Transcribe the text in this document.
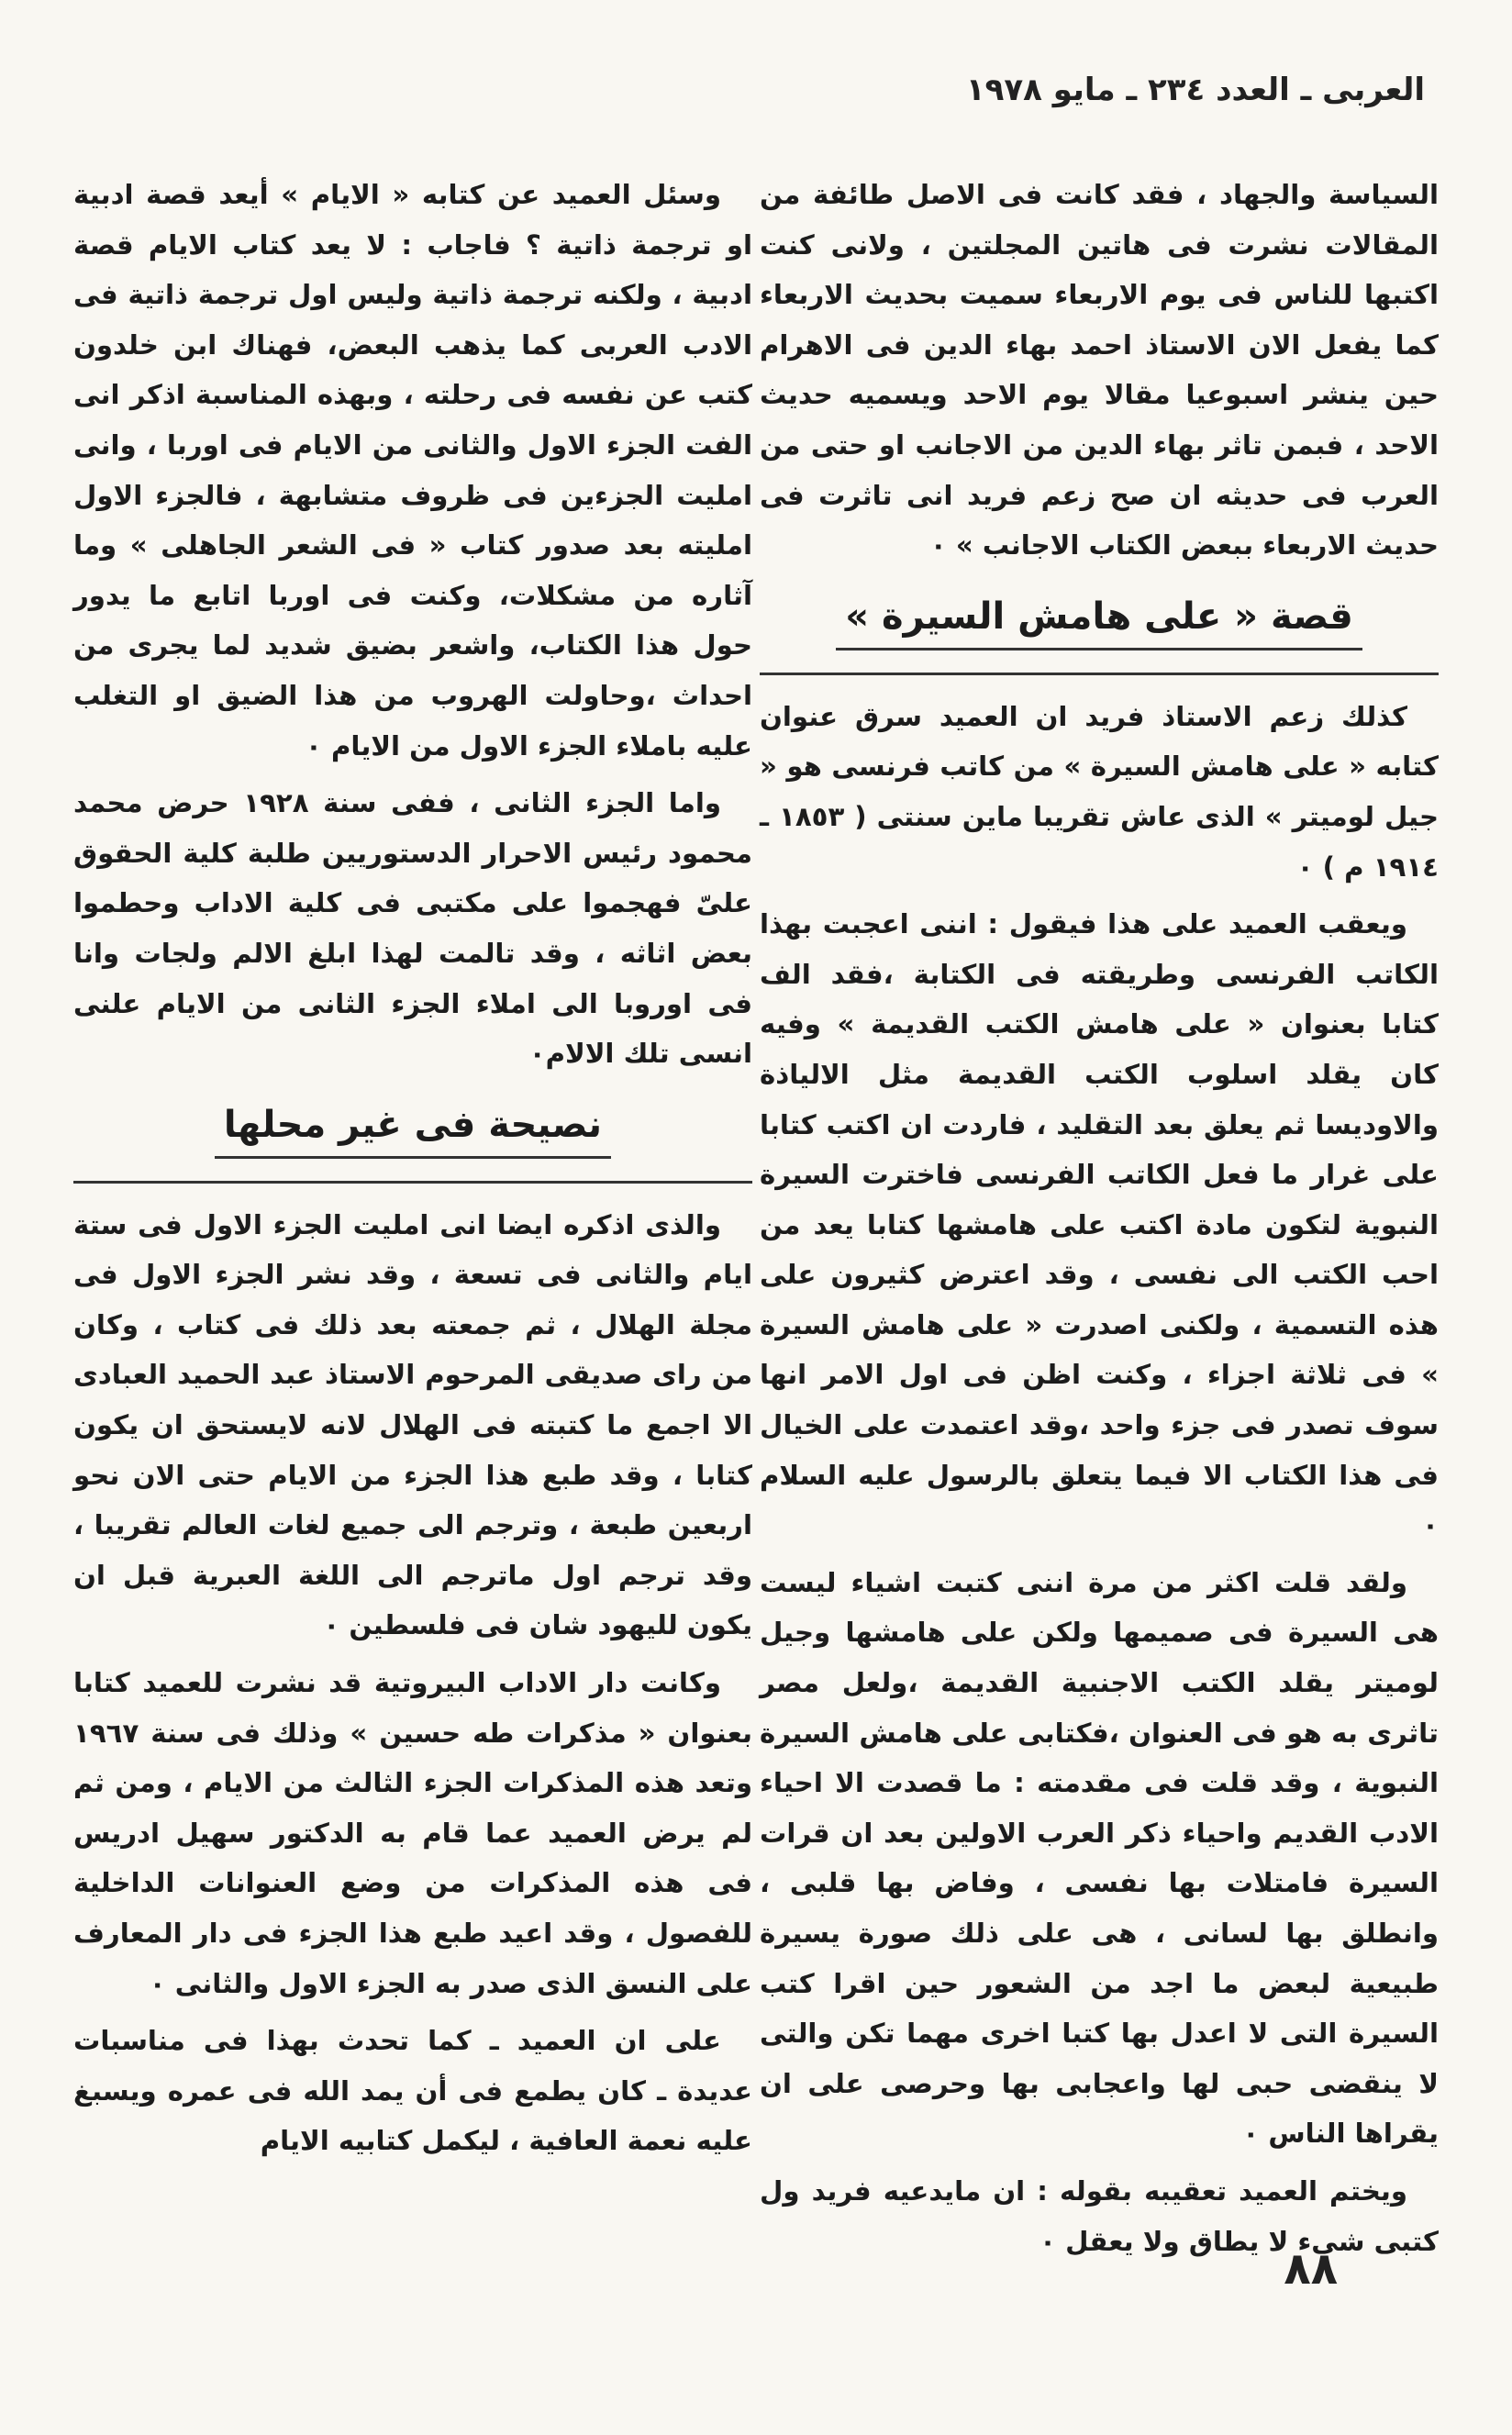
العربى ـ العدد ٢٣٤ ـ مايو ١٩٧٨

السياسة والجهاد ، فقد كانت فى الاصل طائفة من المقالات نشرت فى هاتين المجلتين ، ولانى كنت اكتبها للناس فى يوم الاربعاء سميت بحديث الاربعاء كما يفعل الان الاستاذ احمد بهاء الدين فى الاهرام حين ينشر اسبوعيا مقالا يوم الاحد ويسميه حديث الاحد ، فبمن تاثر بهاء الدين من الاجانب او حتى من العرب فى حديثه ان صح زعم فريد انى تاثرت فى حديث الاربعاء ببعض الكتاب الاجانب » ٠

قصة « على هامش السيرة »

كذلك زعم الاستاذ فريد ان العميد سرق عنوان كتابه « على هامش السيرة » من كاتب فرنسى هو « جيل لوميتر » الذى عاش تقريبا ماين سنتى ( ١٨٥٣ ـ ١٩١٤ م ) ٠

ويعقب العميد على هذا فيقول : اننى اعجبت بهذا الكاتب الفرنسى وطريقته فى الكتابة ،فقد الف كتابا بعنوان « على هامش الكتب القديمة » وفيه كان يقلد اسلوب الكتب القديمة مثل الالياذة والاوديسا ثم يعلق بعد التقليد ، فاردت ان اكتب كتابا على غرار ما فعل الكاتب الفرنسى فاخترت السيرة النبوية لتكون مادة اكتب على هامشها كتابا يعد من احب الكتب الى نفسى ، وقد اعترض كثيرون على هذه التسمية ، ولكنى اصدرت « على هامش السيرة » فى ثلاثة اجزاء ، وكنت اظن فى اول الامر انها سوف تصدر فى جزء واحد ،وقد اعتمدت على الخيال فى هذا الكتاب الا فيما يتعلق بالرسول عليه السلام ٠

ولقد قلت اكثر من مرة اننى كتبت اشياء ليست هى السيرة فى صميمها ولكن على هامشها وجيل لوميتر يقلد الكتب الاجنبية القديمة ،ولعل مصر تاثرى به هو فى العنوان ،فكتابى على هامش السيرة النبوية ، وقد قلت فى مقدمته : ما قصدت الا احياء الادب القديم واحياء ذكر العرب الاولين بعد ان قرات السيرة فامتلات بها نفسى ، وفاض بها قلبى ، وانطلق بها لسانى ، هى على ذلك صورة يسيرة طبيعية لبعض ما اجد من الشعور حين اقرا كتب السيرة التى لا اعدل بها كتبا اخرى مهما تكن والتى لا ينقضى حبى لها واعجابى بها وحرصى على ان يقراها الناس ٠

ويختم العميد تعقيبه بقوله : ان مايدعيه فريد ول كتبى شىء لا يطاق ولا يعقل ٠

وسئل العميد عن كتابه « الايام » أيعد قصة ادبية او ترجمة ذاتية ؟ فاجاب : لا يعد كتاب الايام قصة ادبية ، ولكنه ترجمة ذاتية وليس اول ترجمة ذاتية فى الادب العربى كما يذهب البعض، فهناك ابن خلدون كتب عن نفسه فى رحلته ، وبهذه المناسبة اذكر انى الفت الجزء الاول والثانى من الايام فى اوربا ، وانى امليت الجزءين فى ظروف متشابهة ، فالجزء الاول امليته بعد صدور كتاب « فى الشعر الجاهلى » وما آثاره من مشكلات، وكنت فى اوربا اتابع ما يدور حول هذا الكتاب، واشعر بضيق شديد لما يجرى من احداث ،وحاولت الهروب من هذا الضيق او التغلب عليه باملاء الجزء الاول من الايام ٠

واما الجزء الثانى ، ففى سنة ١٩٢٨ حرض محمد محمود رئيس الاحرار الدستوريين طلبة كلية الحقوق علىّ فهجموا على مكتبى فى كلية الاداب وحطموا بعض اثاثه ، وقد تالمت لهذا ابلغ الالم ولجات وانا فى اوروبا الى املاء الجزء الثانى من الايام علنى انسى تلك الالام٠

نصيحة فى غير محلها

والذى اذكره ايضا انى امليت الجزء الاول فى ستة ايام والثانى فى تسعة ، وقد نشر الجزء الاول فى مجلة الهلال ، ثم جمعته بعد ذلك فى كتاب ، وكان من راى صديقى المرحوم الاستاذ عبد الحميد العبادى الا اجمع ما كتبته فى الهلال لانه لايستحق ان يكون كتابا ، وقد طبع هذا الجزء من الايام حتى الان نحو اربعين طبعة ، وترجم الى جميع لغات العالم تقريبا ، وقد ترجم اول ماترجم الى اللغة العبرية قبل ان يكون لليهود شان فى فلسطين ٠

وكانت دار الاداب البيروتية قد نشرت للعميد كتابا بعنوان « مذكرات طه حسين » وذلك فى سنة ١٩٦٧ وتعد هذه المذكرات الجزء الثالث من الايام ، ومن ثم لم يرض العميد عما قام به الدكتور سهيل ادريس فى هذه المذكرات من وضع العنوانات الداخلية للفصول ، وقد اعيد طبع هذا الجزء فى دار المعارف على النسق الذى صدر به الجزء الاول والثانى ٠

على ان العميد ـ كما تحدث بهذا فى مناسبات عديدة ـ كان يطمع فى أن يمد الله فى عمره ويسبغ عليه نعمة العافية ، ليكمل كتابيه الايام

٨٨
